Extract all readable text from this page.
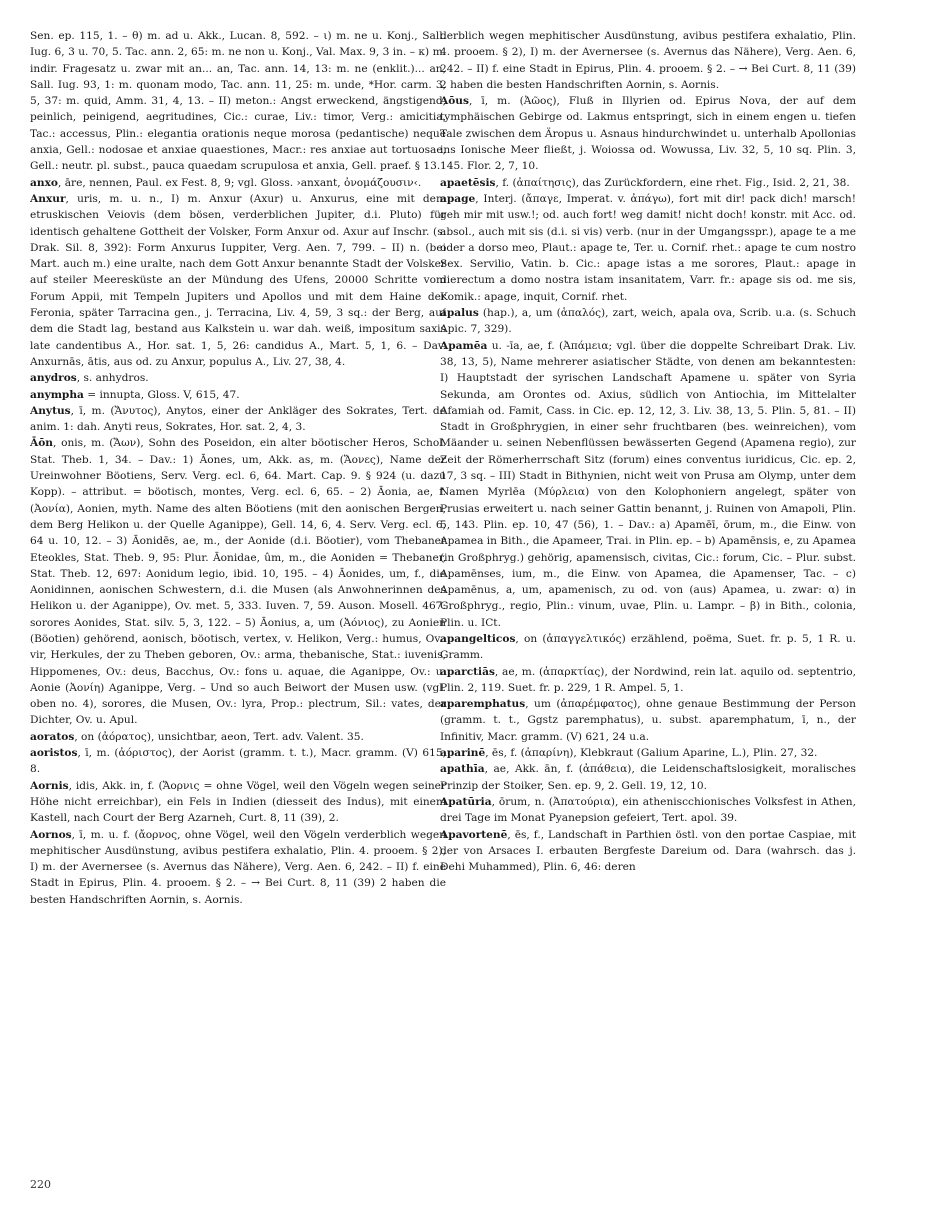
Sen. ep. 115, 1. – θ) m. ad u. Akk., Lucan. 8, 592. – ι) m. ne u. Konj., Sall. Iug. 6, 3 u. 70, 5. Tac. ann. 2, 65: m. ne non u. Konj., Val. Max. 9, 3 in. – κ) m. indir. Fragesatz u. zwar mit an... an, Tac. ann. 14, 13: m. ne (enklit.)... an, Sall. Iug. 93, 1: m. quonam modo, Tac. ann. 11, 25: m. unde, *Hor. carm. 3, 5, 37: m. quid, Amm. 31, 4, 13. – II) meton.: Angst erweckend, ängstigend, peinlich, peinigend, aegritudines, Cic.: curae, Liv.: timor, Verg.: amicitia, Tac.: accessus, Plin.: elegantia orationis neque morosa (pedantische) neque anxia, Gell.: nodosae et anxiae quaestiones, Macr.: res anxiae aut tortuosae, Gell.: neutr. pl. subst., pauca quaedam scrupulosa et anxia, Gell. praef. § 13.

anxo, āre, nennen, Paul. ex Fest. 8, 9; vgl. Gloss. ›anxant, ὀνομάζουσιν‹.

Anxur, uris, m. u. n., I) m. Anxur (Axur) u. Anxurus, eine mit dem etruskischen Veiovis (dem bösen, verderblichen Jupiter, d.i. Pluto) für identisch gehaltene Gottheit der Volsker, Form Anxur od. Axur auf Inschr. (s. Drak. Sil. 8, 392): Form Anxurus Iuppiter, Verg. Aen. 7, 799. – II) n. (bei Mart. auch m.) eine uralte, nach dem Gott Anxur benannte Stadt der Volsker auf steiler Meeresküste an der Mündung des Ufens, 20000 Schritte vom Forum Appii, mit Tempeln Jupiters und Apollos und mit dem Haine der Feronia, später Tarracina gen., j. Terracina, Liv. 4, 59, 3 sq.: der Berg, auf dem die Stadt lag, bestand aus Kalkstein u. war dah. weiß, impositum saxis late candentibus A., Hor. sat. 1, 5, 26: candidus A., Mart. 5, 1, 6. – Dav. Anxurnās, ātis, aus od. zu Anxur, populus A., Liv. 27, 38, 4.

anydros, s. anhydros.

anympha = innupta, Gloss. V, 615, 47.

Anytus, ī, m. (Ἄνυτος), Anytos, einer der Ankläger des Sokrates, Tert. de anim. 1: dah. Anyti reus, Sokrates, Hor. sat. 2, 4, 3.

Āōn, onis, m. (Ἄων), Sohn des Poseidon, ein alter böotischer Heros, Schol. Stat. Theb. 1, 34. – Dav.: 1) Āones, um, Akk. as, m. (Ἄονες), Name der Ureinwohner Böotiens, Serv. Verg. ecl. 6, 64. Mart. Cap. 9. § 924 (u. dazu Kopp). – attribut. = böotisch, montes, Verg. ecl. 6, 65. – 2) Āonia, ae, f. (Ἀονία), Aonien, myth. Name des alten Böotiens (mit den aonischen Bergen, dem Berg Helikon u. der Quelle Aganippe), Gell. 14, 6, 4. Serv. Verg. ecl. 6, 64 u. 10, 12. – 3) Āonidēs, ae, m., der Aonide (d.i. Böotier), vom Thebaner Eteokles, Stat. Theb. 9, 95: Plur. Āonidae, ûm, m., die Aoniden = Thebaner, Stat. Theb. 12, 697: Aonidum legio, ibid. 10, 195. – 4) Āonides, um, f., die Aonidinnen, aonischen Schwestern, d.i. die Musen (als Anwohnerinnen des Helikon u. der Aganippe), Ov. met. 5, 333. Iuven. 7, 59. Auson. Mosell. 467: sorores Aonides, Stat. silv. 5, 3, 122. – 5) Āonius, a, um (Ἀόνιος), zu Aonien (Böotien) gehörend, aonisch, böotisch, vertex, v. Helikon, Verg.: humus, Ov.: vir, Herkules, der zu Theben geboren, Ov.: arma, thebanische, Stat.: iuvenis, Hippomenes, Ov.: deus, Bacchus, Ov.: fons u. aquae, die Aganippe, Ov.: u. Aonie (Ἀονίη) Aganippe, Verg. – Und so auch Beiwort der Musen usw. (vgl. oben no. 4), sorores, die Musen, Ov.: lyra, Prop.: plectrum, Sil.: vates, der Dichter, Ov. u. Apul.

aoratos, on (ἀόρατος), unsichtbar, aeon, Tert. adv. Valent. 35.

aoristos, ī, m. (ἀόριστος), der Aorist (gramm. t. t.), Macr. gramm. (V) 615, 8.

Aornis, idis, Akk. in, f. (Ἄορνις = ohne Vögel, weil den Vögeln wegen seiner Höhe nicht erreichbar), ein Fels in Indien (diesseit des Indus), mit einem Kastell, nach Court der Berg Azarneh, Curt. 8, 11 (39), 2.

Aornos, ī, m. u. f. (ἄορνος, ohne Vögel, weil den Vögeln verderblich wegen mephitischer Ausdünstung, avibus pestifera exhalatio, Plin. 4. prooem. § 2), I) m. der Avernersee (s. Avernus das Nähere), Verg. Aen. 6, 242. – II) f. eine Stadt in Epirus, Plin. 4. prooem. § 2. – → Bei Curt. 8, 11 (39) 2 haben die besten Handschriften Aornin, s. Aornis.

derblich wegen mephitischer Ausdünstung, avibus pestifera exhalatio, Plin. 4. prooem. § 2), I) m. der Avernersee (s. Avernus das Nähere), Verg. Aen. 6, 242. – II) f. eine Stadt in Epirus, Plin. 4. prooem. § 2. – → Bei Curt. 8, 11 (39) 2 haben die besten Handschriften Aornin, s. Aornis.

Aōus, ī, m. (Ἀῶος), Fluß in Illyrien od. Epirus Nova, der auf dem tymphäischen Gebirge od. Lakmus entspringt, sich in einem engen u. tiefen Tale zwischen dem Äropus u. Asnaus hindurchwindet u. unterhalb Apollonias ins Ionische Meer fließt, j. Woiossa od. Wowussa, Liv. 32, 5, 10 sq. Plin. 3, 145. Flor. 2, 7, 10.

apaetēsis, f. (ἀπαίτησις), das Zurückfordern, eine rhet. Fig., Isid. 2, 21, 38.

apage, Interj. (ἄπαγε, Imperat. v. ἀπάγω), fort mit dir! pack dich! marsch! geh mir mit usw.!; od. auch fort! weg damit! nicht doch! konstr. mit Acc. od. absol., auch mit sis (d.i. si vis) verb. (nur in der Umgangsspr.), apage te a me oder a dorso meo, Plaut.: apage te, Ter. u. Cornif. rhet.: apage te cum nostro Sex. Servilio, Vatin. b. Cic.: apage istas a me sorores, Plaut.: apage in dierectum a domo nostra istam insanitatem, Varr. fr.: apage sis od. me sis, Komik.: apage, inquit, Cornif. rhet.

apalus (hap.), a, um (ἁπαλός), zart, weich, apala ova, Scrib. u.a. (s. Schuch Apic. 7, 329).

Apamēa u. -īa, ae, f. (Ἀπάμεια; vgl. über die doppelte Schreibart Drak. Liv. 38, 13, 5), Name mehrerer asiatischer Städte, von denen am bekanntesten: I) Hauptstadt der syrischen Landschaft Apamene u. später von Syria Sekunda, am Orontes od. Axius, südlich von Antiochia, im Mittelalter Afamiah od. Famit, Cass. in Cic. ep. 12, 12, 3. Liv. 38, 13, 5. Plin. 5, 81. – II) Stadt in Großphrygien, in einer sehr fruchtbaren (bes. weinreichen), vom Mäander u. seinen Nebenflüssen bewässerten Gegend (Apamena regio), zur Zeit der Römerherrschaft Sitz (forum) eines conventus iuridicus, Cic. ep. 2, 17, 3 sq. – III) Stadt in Bithynien, nicht weit von Prusa am Olymp, unter dem Namen Myrlēa (Μύρλεια) von den Kolophoniern angelegt, später von Prusias erweitert u. nach seiner Gattin benannt, j. Ruinen von Amapoli, Plin. 5, 143. Plin. ep. 10, 47 (56), 1. – Dav.: a) Apamēī, ōrum, m., die Einw. von Apamea in Bith., die Apameer, Trai. in Plin. ep. – b) Apamēnsis, e, zu Apamea (in Großphryg.) gehörig, apamensisch, civitas, Cic.: forum, Cic. – Plur. subst. Apamēnses, ium, m., die Einw. von Apamea, die Apamenser, Tac. – c) Apamēnus, a, um, apamenisch, zu od. von (aus) Apamea, u. zwar: α) in Großphryg., regio, Plin.: vinum, uvae, Plin. u. Lampr. – β) in Bith., colonia, Plin. u. ICt.

apangelticos, on (ἀπαγγελτικός) erzählend, poëma, Suet. fr. p. 5, 1 R. u. Gramm.

aparctiās, ae, m. (ἀπαρκτίας), der Nordwind, rein lat. aquilo od. septentrio, Plin. 2, 119. Suet. fr. p. 229, 1 R. Ampel. 5, 1.

aparemphatus, um (ἀπαρέμφατος), ohne genaue Bestimmung der Person (gramm. t. t., Ggstz paremphatus), u. subst. aparemphatum, ī, n., der Infinitiv, Macr. gramm. (V) 621, 24 u.a.

aparinē, ēs, f. (ἀπαρίνη), Klebkraut (Galium Aparine, L.), Plin. 27, 32.

apathīa, ae, Akk. ān, f. (ἀπάθεια), die Leidenschaftslosigkeit, moralisches Prinzip der Stoiker, Sen. ep. 9, 2. Gell. 19, 12, 10.

Apatūria, ōrum, n. (Ἀπατούρια), ein atheniscchionisches Volksfest in Athen, drei Tage im Monat Pyanepsion gefeiert, Tert. apol. 39.

Apavortenē, ēs, f., Landschaft in Parthien östl. von den portae Caspiae, mit der von Arsaces I. erbauten Bergfeste Dareium od. Dara (wahrsch. das j. Dehi Muhammed), Plin. 6, 46: deren

220
